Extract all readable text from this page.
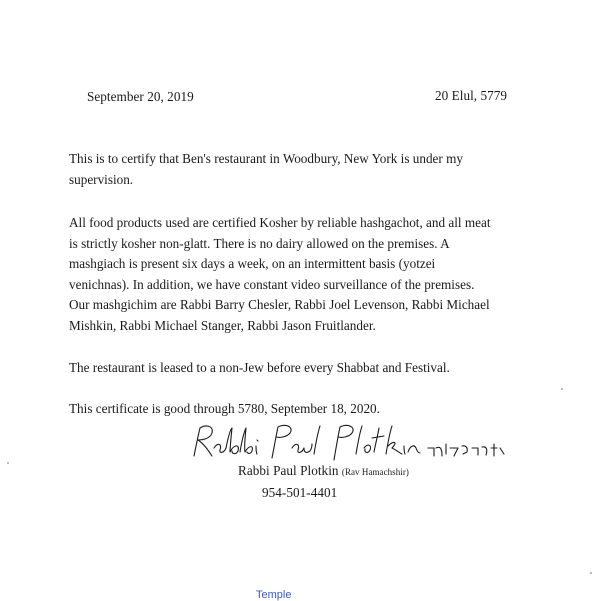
September 20, 2019	20 Elul, 5779
This is to certify that Ben's restaurant in Woodbury, New York is under my
supervision.
All food products used are certified Kosher by reliable hashgachot, and all meat
is strictly kosher non-glatt. There is no dairy allowed on the premises. A
mashgiach is present six days a week, on an intermittent basis (yotzei
venichnas). In addition, we have constant video surveillance of the premises.
Our mashgichim are Rabbi Barry Chesler, Rabbi Joel Levenson, Rabbi Michael
Mishkin, Rabbi Michael Stanger, Rabbi Jason Fruitlander.
The restaurant is leased to a non-Jew before every Shabbat and Festival.
This certificate is good through 5780, September 18, 2020.
Rabbi Paul Plotkin (Rav Hamachshir)
954-501-4401
Temple
